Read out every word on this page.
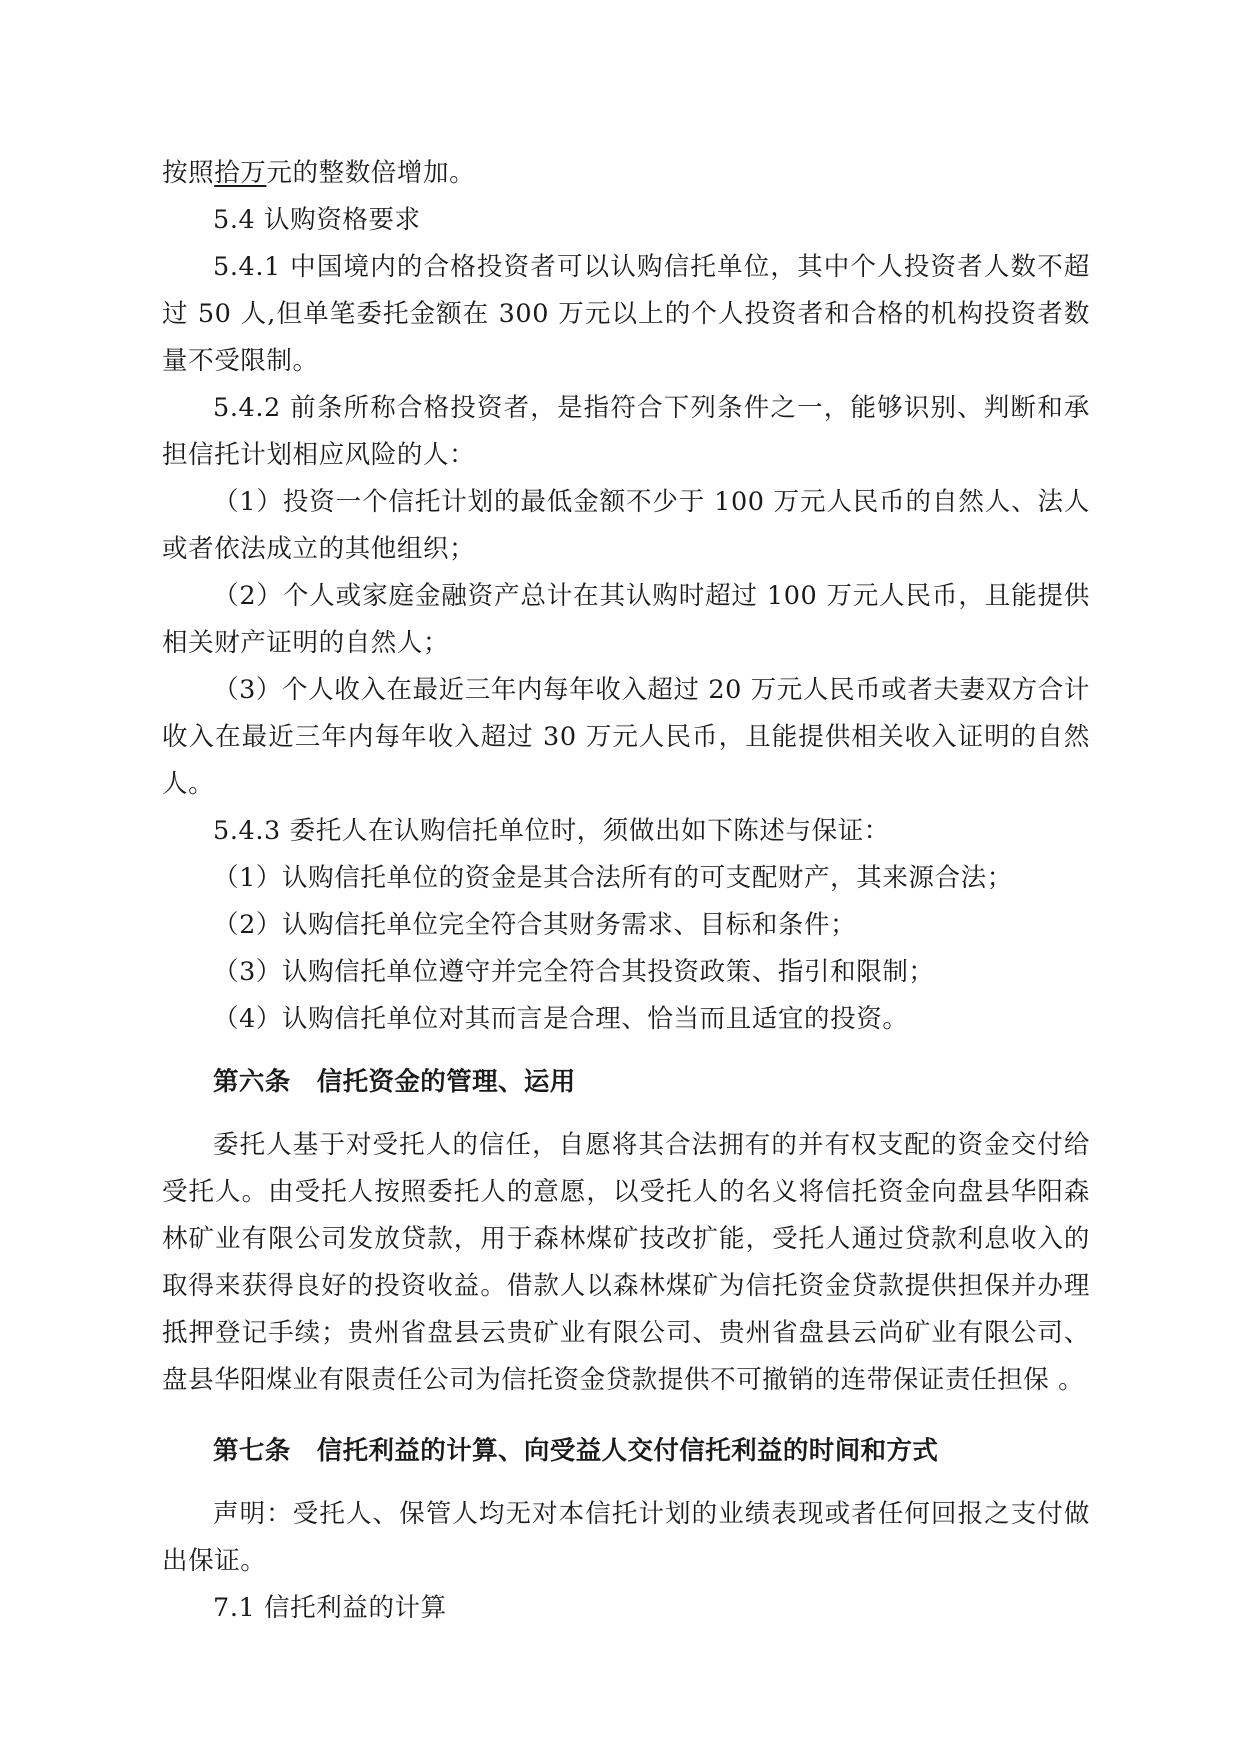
按照拾万元的整数倍增加。

5.4 认购资格要求

5.4.1 中国境内的合格投资者可以认购信托单位，其中个人投资者人数不超过 50 人,但单笔委托金额在 300 万元以上的个人投资者和合格的机构投资者数量不受限制。

5.4.2 前条所称合格投资者，是指符合下列条件之一，能够识别、判断和承担信托计划相应风险的人：

（1）投资一个信托计划的最低金额不少于 100 万元人民币的自然人、法人或者依法成立的其他组织；

（2）个人或家庭金融资产总计在其认购时超过 100 万元人民币，且能提供相关财产证明的自然人；

（3）个人收入在最近三年内每年收入超过 20 万元人民币或者夫妻双方合计收入在最近三年内每年收入超过 30 万元人民币，且能提供相关收入证明的自然人。

5.4.3 委托人在认购信托单位时，须做出如下陈述与保证：

（1）认购信托单位的资金是其合法所有的可支配财产，其来源合法；

（2）认购信托单位完全符合其财务需求、目标和条件；

（3）认购信托单位遵守并完全符合其投资政策、指引和限制；

（4）认购信托单位对其而言是合理、恰当而且适宜的投资。

第六条 信托资金的管理、运用

委托人基于对受托人的信任，自愿将其合法拥有的并有权支配的资金交付给受托人。由受托人按照委托人的意愿，以受托人的名义将信托资金向盘县华阳森林矿业有限公司发放贷款，用于森林煤矿技改扩能，受托人通过贷款利息收入的取得来获得良好的投资收益。借款人以森林煤矿为信托资金贷款提供担保并办理抵押登记手续；贵州省盘县云贵矿业有限公司、贵州省盘县云尚矿业有限公司、盘县华阳煤业有限责任公司为信托资金贷款提供不可撤销的连带保证责任担保 。

第七条 信托利益的计算、向受益人交付信托利益的时间和方式

声明：受托人、保管人均无对本信托计划的业绩表现或者任何回报之支付做出保证。

7.1 信托利益的计算
